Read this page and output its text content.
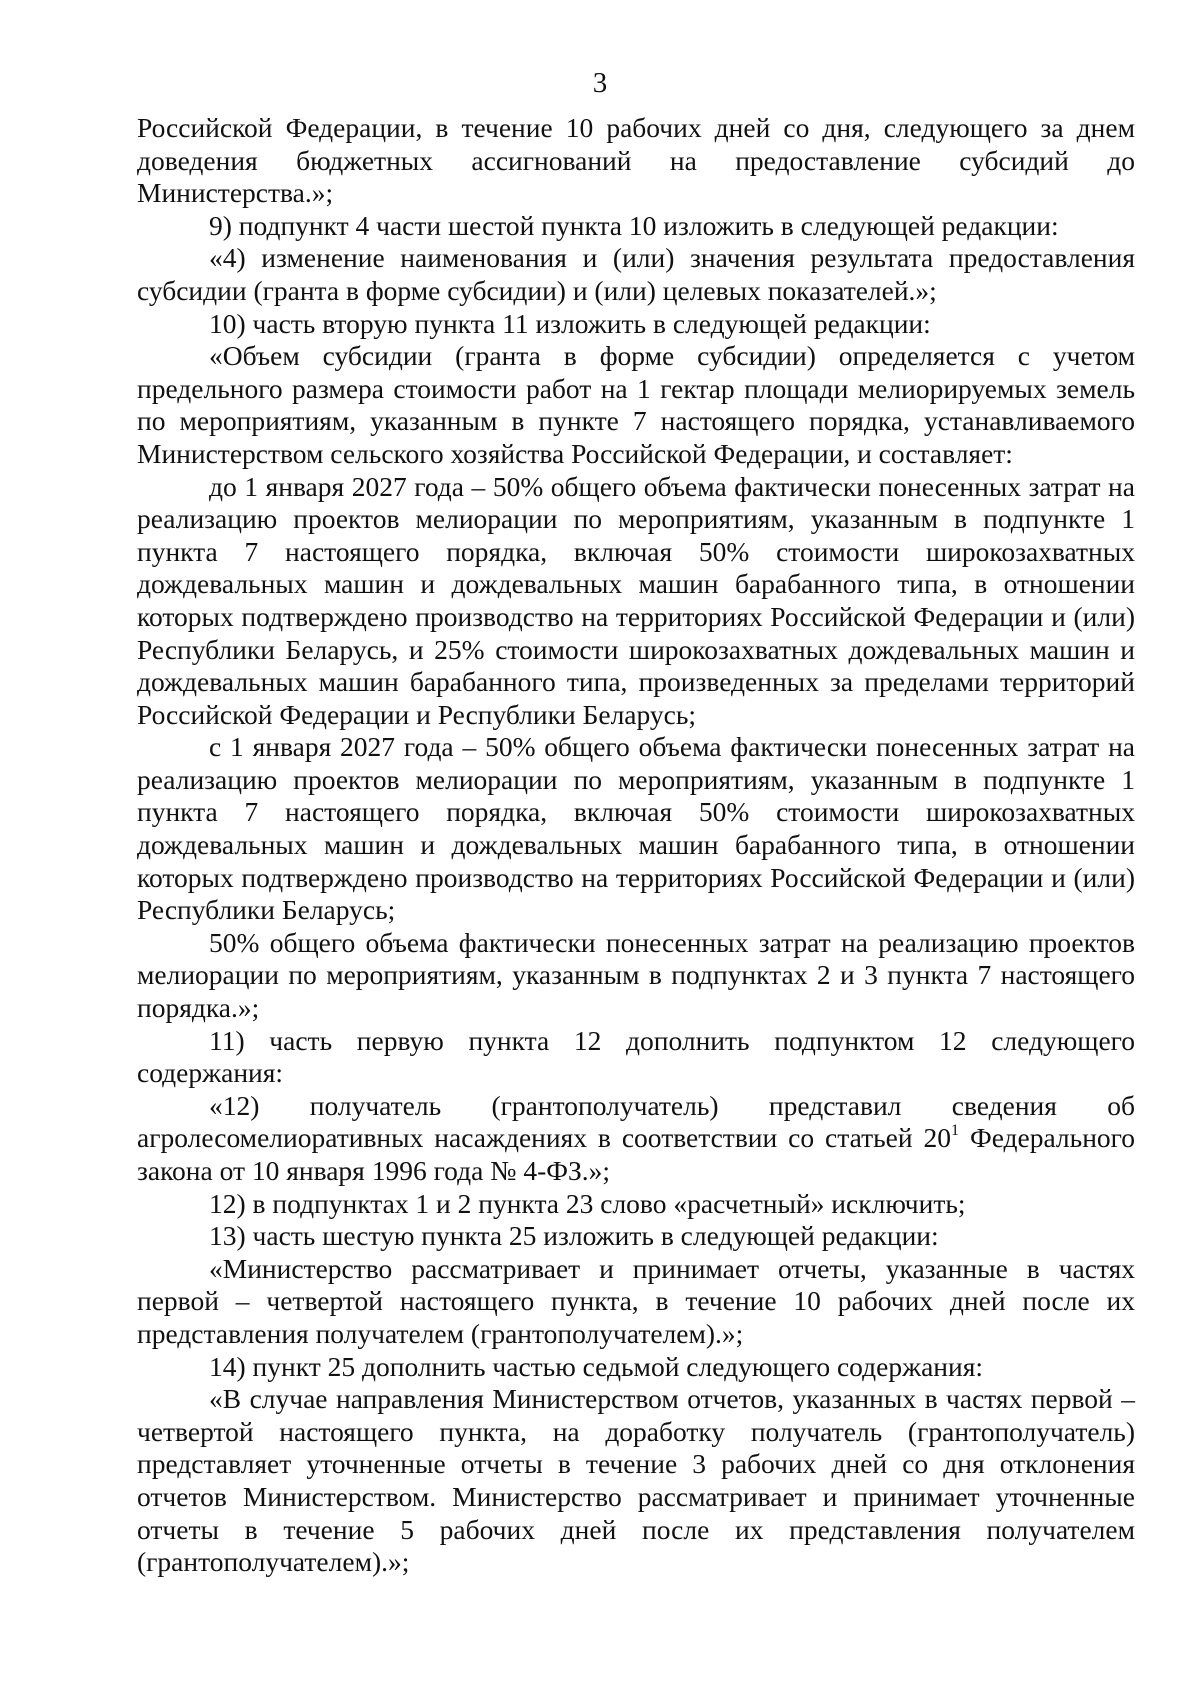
3

Российской Федерации, в течение 10 рабочих дней со дня, следующего за днем доведения бюджетных ассигнований на предоставление субсидий до Министерства.»;

9) подпункт 4 части шестой пункта 10 изложить в следующей редакции:

«4) изменение наименования и (или) значения результата предоставления субсидии (гранта в форме субсидии) и (или) целевых показателей.»;

10) часть вторую пункта 11 изложить в следующей редакции:

«Объем субсидии (гранта в форме субсидии) определяется с учетом предельного размера стоимости работ на 1 гектар площади мелиорируемых земель по мероприятиям, указанным в пункте 7 настоящего порядка, устанавливаемого Министерством сельского хозяйства Российской Федерации, и составляет:

до 1 января 2027 года – 50% общего объема фактически понесенных затрат на реализацию проектов мелиорации по мероприятиям, указанным в подпункте 1 пункта 7 настоящего порядка, включая 50% стоимости широкозахватных дождевальных машин и дождевальных машин барабанного типа, в отношении которых подтверждено производство на территориях Российской Федерации и (или) Республики Беларусь, и 25% стоимости широкозахватных дождевальных машин и дождевальных машин барабанного типа, произведенных за пределами территорий Российской Федерации и Республики Беларусь;

с 1 января 2027 года – 50% общего объема фактически понесенных затрат на реализацию проектов мелиорации по мероприятиям, указанным в подпункте 1 пункта 7 настоящего порядка, включая 50% стоимости широкозахватных дождевальных машин и дождевальных машин барабанного типа, в отношении которых подтверждено производство на территориях Российской Федерации и (или) Республики Беларусь;

50% общего объема фактически понесенных затрат на реализацию проектов мелиорации по мероприятиям, указанным в подпунктах 2 и 3 пункта 7 настоящего порядка.»;

11) часть первую пункта 12 дополнить подпунктом 12 следующего содержания:

«12) получатель (грантополучатель) представил сведения об агролесомелиоративных насаждениях в соответствии со статьей $20^1$ Федерального закона от 10 января 1996 года № 4-ФЗ.»;

12) в подпунктах 1 и 2 пункта 23 слово «расчетный» исключить;

13) часть шестую пункта 25 изложить в следующей редакции:

«Министерство рассматривает и принимает отчеты, указанные в частях первой – четвертой настоящего пункта, в течение 10 рабочих дней после их представления получателем (грантополучателем).»;

14) пункт 25 дополнить частью седьмой следующего содержания:

«В случае направления Министерством отчетов, указанных в частях первой – четвертой настоящего пункта, на доработку получатель (грантополучатель) представляет уточненные отчеты в течение 3 рабочих дней со дня отклонения отчетов Министерством. Министерство рассматривает и принимает уточненные отчеты в течение 5 рабочих дней после их представления получателем (грантополучателем).»;
